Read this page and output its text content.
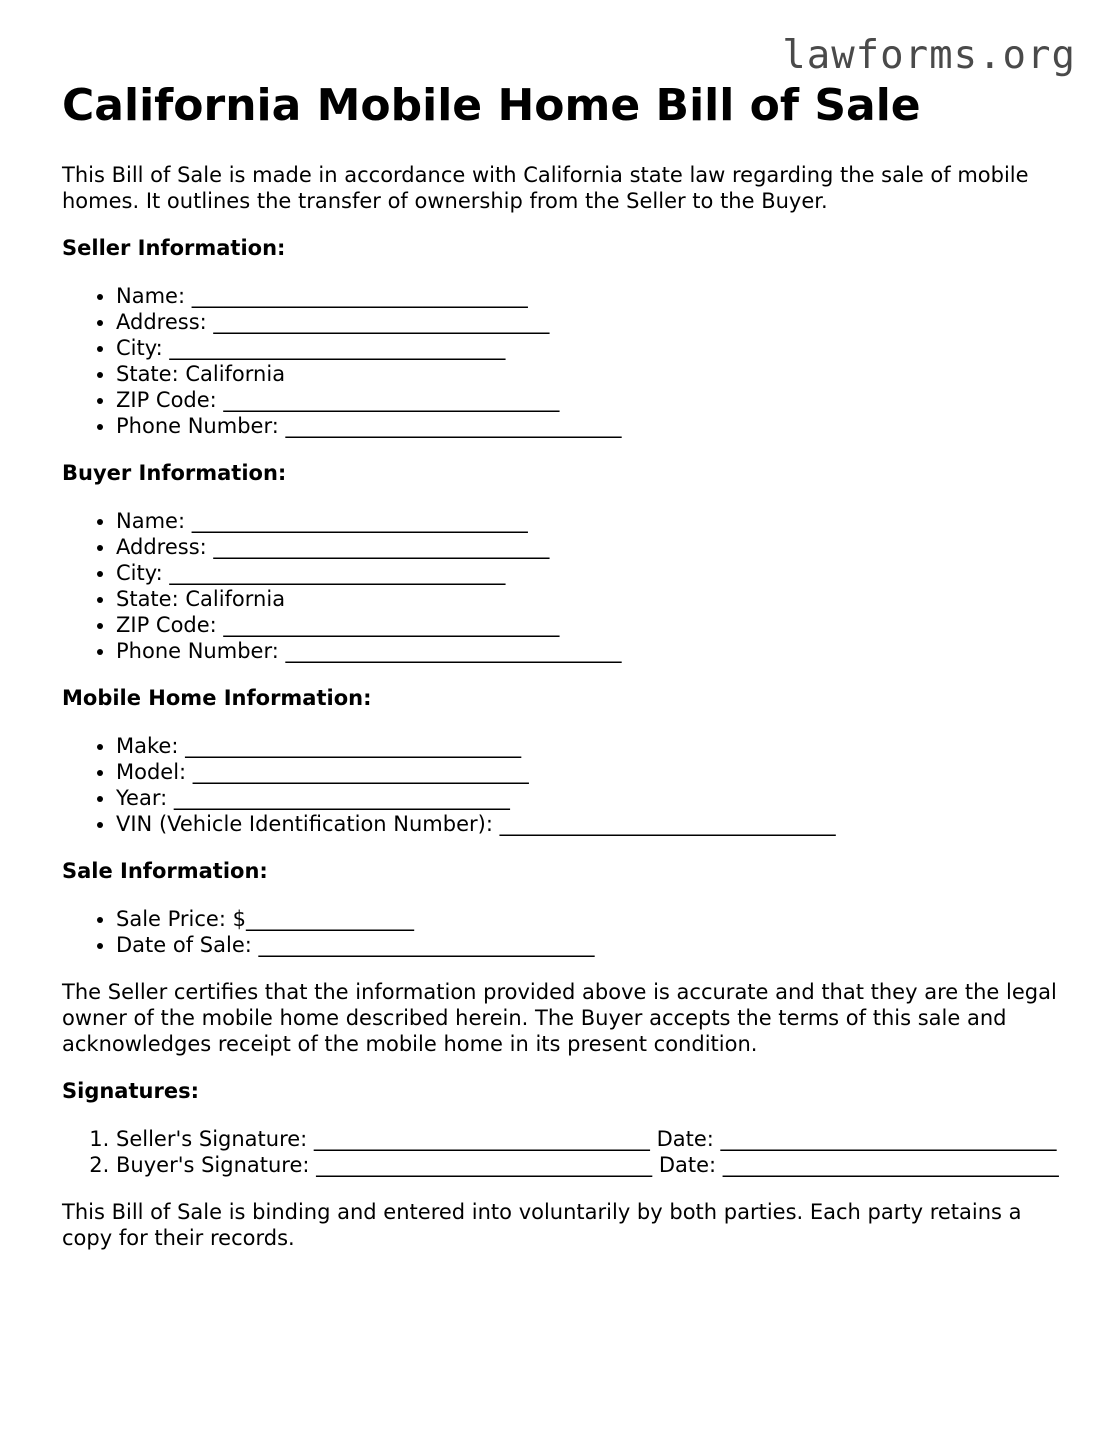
lawforms.org
California Mobile Home Bill of Sale

This Bill of Sale is made in accordance with California state law regarding the sale of mobile homes. It outlines the transfer of ownership from the Seller to the Buyer.

Seller Information:
• Name: ________________________________
• Address: ________________________________
• City: ________________________________
• State: California
• ZIP Code: ________________________________
• Phone Number: ________________________________
Buyer Information:
• Name: ________________________________
• Address: ________________________________
• City: ________________________________
• State: California
• ZIP Code: ________________________________
• Phone Number: ________________________________
Mobile Home Information:
• Make: ________________________________
• Model: ________________________________
• Year: ________________________________
• VIN (Vehicle Identification Number): ________________________________
Sale Information:
• Sale Price: $________________
• Date of Sale: ________________________________

The Seller certifies that the information provided above is accurate and that they are the legal owner of the mobile home described herein. The Buyer accepts the terms of this sale and acknowledges receipt of the mobile home in its present condition.

Signatures:
1. Seller's Signature: ________________________________ Date: ________________________________
2. Buyer's Signature: ________________________________ Date: ________________________________

This Bill of Sale is binding and entered into voluntarily by both parties. Each party retains a copy for their records.
